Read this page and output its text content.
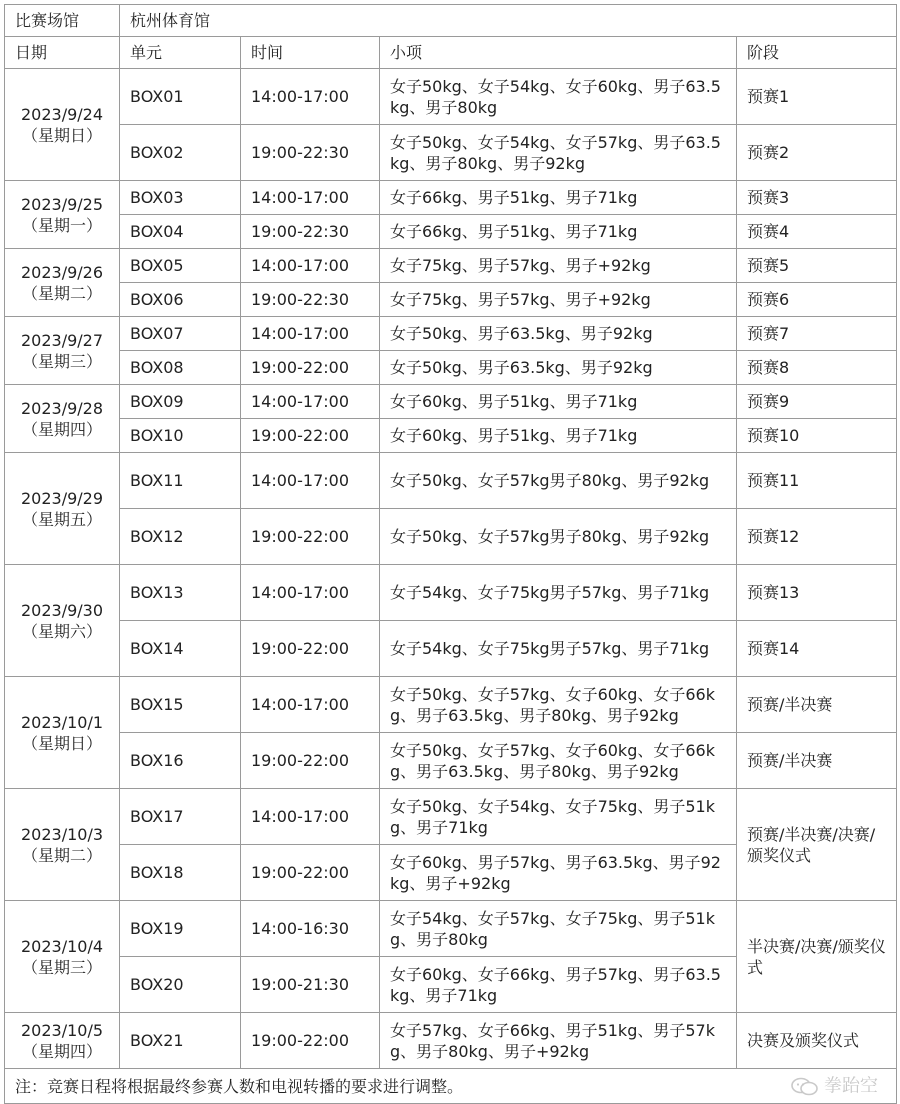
比赛场馆	杭州体育馆			
日期	单元	时间	小项	阶段

2023/9/24
（星期日）	BOX01	14:00-17:00	女子50kg、女子54kg、女子60kg、男子63.5kg、男子80kg	预赛1
	BOX02	19:00-22:30	女子50kg、女子54kg、女子57kg、男子63.5kg、男子80kg、男子92kg	预赛2

2023/9/25
（星期一）	BOX03	14:00-17:00	女子66kg、男子51kg、男子71kg	预赛3
	BOX04	19:00-22:30	女子66kg、男子51kg、男子71kg	预赛4

2023/9/26
（星期二）	BOX05	14:00-17:00	女子75kg、男子57kg、男子+92kg	预赛5
	BOX06	19:00-22:30	女子75kg、男子57kg、男子+92kg	预赛6

2023/9/27
（星期三）	BOX07	14:00-17:00	女子50kg、男子63.5kg、男子92kg	预赛7
	BOX08	19:00-22:00	女子50kg、男子63.5kg、男子92kg	预赛8

2023/9/28
（星期四）	BOX09	14:00-17:00	女子60kg、男子51kg、男子71kg	预赛9
	BOX10	19:00-22:00	女子60kg、男子51kg、男子71kg	预赛10

2023/9/29
（星期五）	BOX11	14:00-17:00	女子50kg、女子57kg男子80kg、男子92kg	预赛11
	BOX12	19:00-22:00	女子50kg、女子57kg男子80kg、男子92kg	预赛12

2023/9/30
（星期六）	BOX13	14:00-17:00	女子54kg、女子75kg男子57kg、男子71kg	预赛13
	BOX14	19:00-22:00	女子54kg、女子75kg男子57kg、男子71kg	预赛14

2023/10/1
（星期日）	BOX15	14:00-17:00	女子50kg、女子57kg、女子60kg、女子66kg、男子63.5kg、男子80kg、男子92kg	预赛/半决赛
	BOX16	19:00-22:00	女子50kg、女子57kg、女子60kg、女子66kg、男子63.5kg、男子80kg、男子92kg	预赛/半决赛

2023/10/3
（星期二）	BOX17	14:00-17:00	女子50kg、女子54kg、女子75kg、男子51kg、男子71kg	预赛/半决赛/决赛/颁奖仪式
	BOX18	19:00-22:00	女子60kg、男子57kg、男子63.5kg、男子92kg、男子+92kg	

2023/10/4
（星期三）	BOX19	14:00-16:30	女子54kg、女子57kg、女子75kg、男子51kg、男子80kg	半决赛/决赛/颁奖仪式
	BOX20	19:00-21:30	女子60kg、女子66kg、男子57kg、男子63.5kg、男子71kg	

2023/10/5
（星期四）	BOX21	19:00-22:00	女子57kg、女子66kg、男子51kg、男子57kg、男子80kg、男子+92kg	决赛及颁奖仪式
注：竞赛日程将根据最终参赛人数和电视转播的要求进行调整。 拳跆空				
